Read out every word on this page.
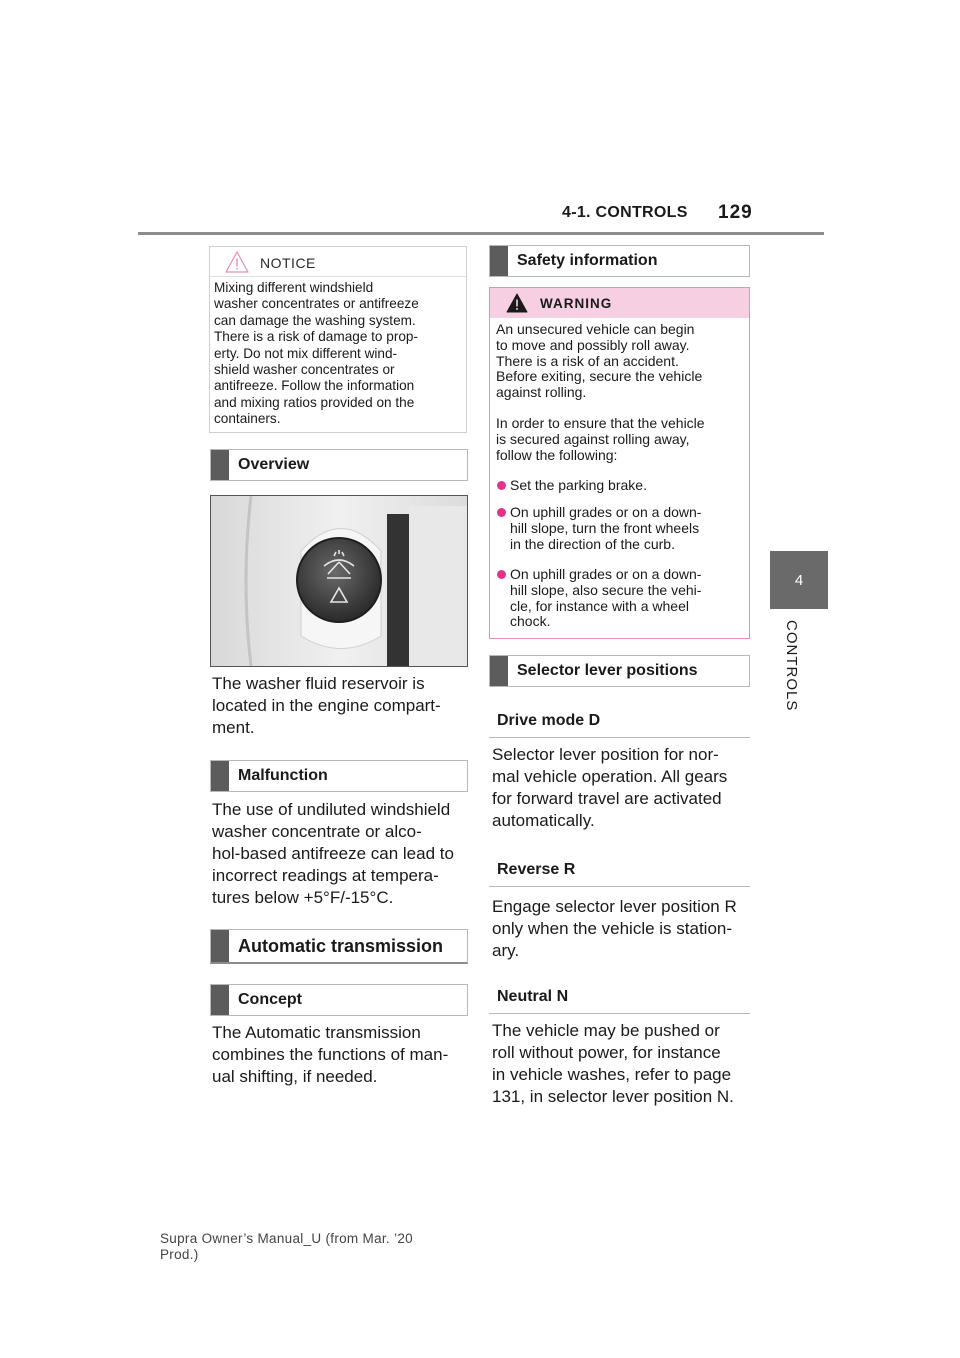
4-1. CONTROLS 129
4
CONTROLS
NOTICE
Mixing different windshield
washer concentrates or antifreeze
can damage the washing system.
There is a risk of damage to prop-
erty. Do not mix different wind-
shield washer concentrates or
antifreeze. Follow the information
and mixing ratios provided on the
containers.
Overview
The washer fluid reservoir is
located in the engine compart-
ment.
Malfunction
The use of undiluted windshield
washer concentrate or alco-
hol-based antifreeze can lead to
incorrect readings at tempera-
tures below +5°F/-15°C.
Automatic transmission
Concept
The Automatic transmission
combines the functions of man-
ual shifting, if needed.
Safety information
WARNING
An unsecured vehicle can begin
to move and possibly roll away.
There is a risk of an accident.
Before exiting, secure the vehicle
against rolling.
In order to ensure that the vehicle
is secured against rolling away,
follow the following:
Set the parking brake.
On uphill grades or on a down-
hill slope, turn the front wheels
in the direction of the curb.
On uphill grades or on a down-
hill slope, also secure the vehi-
cle, for instance with a wheel
chock.
Selector lever positions
Drive mode D
Selector lever position for nor-
mal vehicle operation. All gears
for forward travel are activated
automatically.
Reverse R
Engage selector lever position R
only when the vehicle is station-
ary.
Neutral N
The vehicle may be pushed or
roll without power, for instance
in vehicle washes, refer to page
131, in selector lever position N.
Supra Owner’s Manual_U (from Mar. ’20
Prod.)
